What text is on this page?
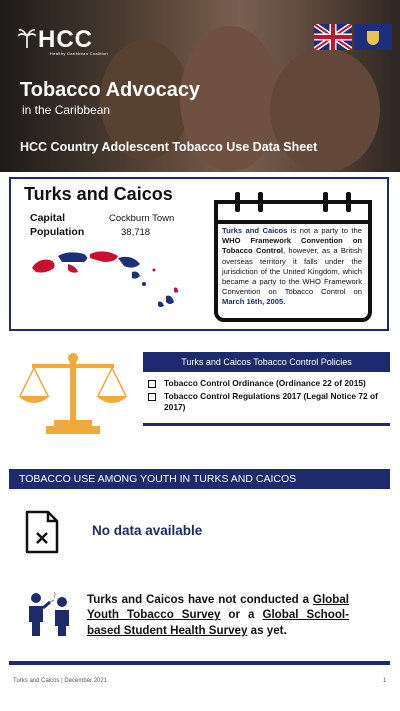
HCC
Healthy Caribbean Coalition
Tobacco Advocacy
in the Caribbean
HCC Country Adolescent Tobacco Use Data Sheet
Turks and Caicos
Capital	Cockburn Town
Population	38,718	Turks and Caicos is not a party to the WHO Framework Convention on Tobacco Control, however, as a British overseas territory it falls under the jurisdiction of the United Kingdom, which became a party to the WHO Framework Convention on Tobacco Control on March 16th, 2005.
Turks and Caicos Tobacco Control Policies
Tobacco Control Ordinance (Ordinance 22 of 2015)
Tobacco Control Regulations 2017 (Legal Notice 72 of 2017)
TOBACCO USE AMONG YOUTH IN TURKS AND CAICOS
No data available
Turks and Caicos have not conducted a Global Youth Tobacco Survey or a Global School-based Student Health Survey as yet.
Turks and Caicos | December 2021	1
